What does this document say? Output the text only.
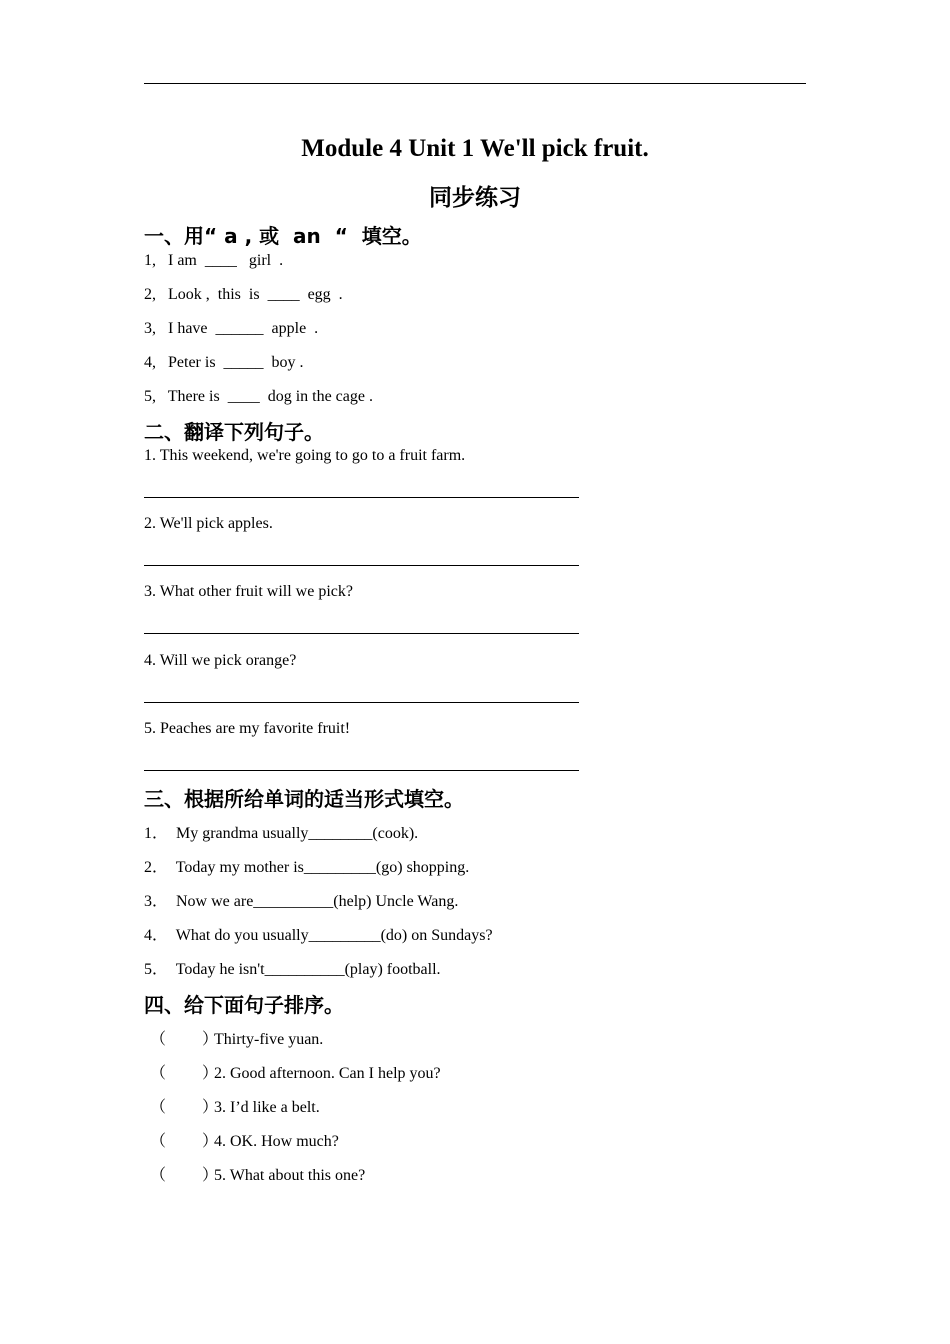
Module 4 Unit 1 We'll pick fruit.
同步练习
一、用“ a , 或  an  “  填空。
1,   I am  ____   girl  .
2,   Look ,  this  is  ____  egg  .
3,   I have  ______  apple  .
4,   Peter is  _____  boy .
5,   There is  ____  dog in the cage .
二、翻译下列句子。
1. This weekend, we're going to go to a fruit farm.
2. We'll pick apples.
3. What other fruit will we pick?
4. Will we pick orange?
5. Peaches are my favorite fruit!
三、根据所给单词的适当形式填空。
1．  My grandma usually________(cook).
2．  Today my mother is_________(go) shopping.
3．  Now we are__________(help) Uncle Wang.
4．  What do you usually_________(do) on Sundays?
5．  Today he isn't__________(play) football.
四、给下面句子排序。
（ ）Thirty-five yuan.
（ ）2. Good afternoon. Can I help you?
（ ）3. I’d like a belt.
（ ）4. OK. How much?
（ ）5. What about this one?
